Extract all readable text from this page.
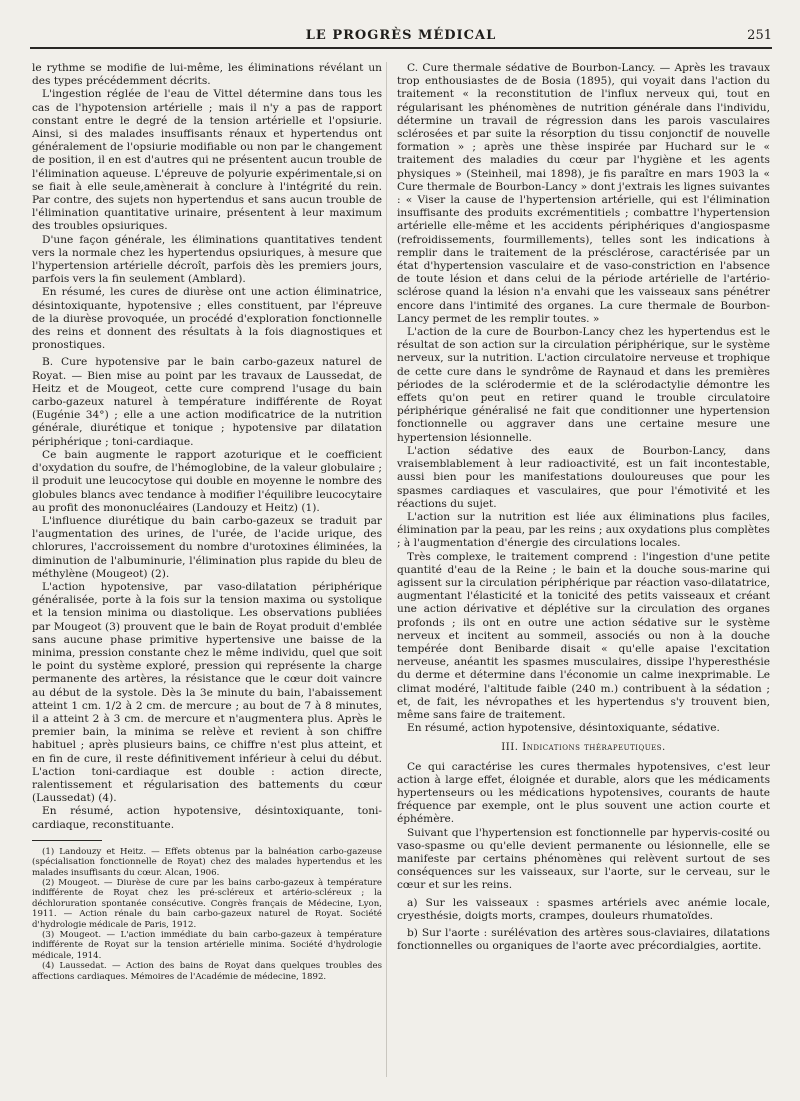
LE PROGRÈS MÉDICAL	251

le rythme se modifie de lui-même, les éliminations révélant un des types précédemment décrits.

L'ingestion réglée de l'eau de Vittel détermine dans tous les cas de l'hypotension artérielle ; mais il n'y a pas de rapport constant entre le degré de la tension artérielle et l'opsiurie. Ainsi, si des malades insuffisants rénaux et hypertendus ont généralement de l'opsiurie modifiable ou non par le changement de position, il en est d'autres qui ne présentent aucun trouble de l'élimination aqueuse. L'épreuve de polyurie expérimentale,si on se fiait à elle seule,amènerait à conclure à l'intégrité du rein. Par contre, des sujets non hypertendus et sans aucun trouble de l'élimination quantitative urinaire, présentent à leur maximum des troubles opsiuriques.

D'une façon générale, les éliminations quantitatives tendent vers la normale chez les hypertendus opsiuriques, à mesure que l'hypertension artérielle décroît, parfois dès les premiers jours, parfois vers la fin seulement (Amblard).

En résumé, les cures de diurèse ont une action éliminatrice, désintoxiquante, hypotensive ; elles constituent, par l'épreuve de la diurèse provoquée, un procédé d'exploration fonctionnelle des reins et donnent des résultats à la fois diagnostiques et pronostiques.

B. Cure hypotensive par le bain carbo-gazeux naturel de Royat. — Bien mise au point par les travaux de Laussedat, de Heitz et de Mougeot, cette cure comprend l'usage du bain carbo-gazeux naturel à température indifférente de Royat (Eugénie 34°) ; elle a une action modificatrice de la nutrition générale, diurétique et tonique ; hypotensive par dilatation périphérique ; toni-cardiaque.

Ce bain augmente le rapport azoturique et le coefficient d'oxydation du soufre, de l'hémoglobine, de la valeur globulaire ; il produit une leucocytose qui double en moyenne le nombre des globules blancs avec tendance à modifier l'équilibre leucocytaire au profit des mononucléaires (Landouzy et Heitz) (1).

L'influence diurétique du bain carbo-gazeux se traduit par l'augmentation des urines, de l'urée, de l'acide urique, des chlorures, l'accroissement du nombre d'urotoxines éliminées, la diminution de l'albuminurie, l'élimination plus rapide du bleu de méthylène (Mougeot) (2).

L'action hypotensive, par vaso-dilatation périphérique généralisée, porte à la fois sur la tension maxima ou systolique et la tension minima ou diastolique. Les observations publiées par Mougeot (3) prouvent que le bain de Royat produit d'emblée sans aucune phase primitive hypertensive une baisse de la minima, pression constante chez le même individu, quel que soit le point du système exploré, pression qui représente la charge permanente des artères, la résistance que le cœur doit vaincre au début de la systole. Dès la 3e minute du bain, l'abaissement atteint 1 cm. 1/2 à 2 cm. de mercure ; au bout de 7 à 8 minutes, il a atteint 2 à 3 cm. de mercure et n'augmentera plus. Après le premier bain, la minima se relève et revient à son chiffre habituel ; après plusieurs bains, ce chiffre n'est plus atteint, et en fin de cure, il reste définitivement inférieur à celui du début. L'action toni-cardiaque est double : action directe, ralentissement et régularisation des battements du cœur (Laussedat) (4).

En résumé, action hypotensive, désintoxiquante, toni-cardiaque, reconstituante.

(1) Landouzy et Heitz. — Effets obtenus par la balnéation carbo-gazeuse (spécialisation fonctionnelle de Royat) chez des malades hypertendus et les malades insuffisants du cœur. Alcan, 1906.

(2) Mougeot. — Diurèse de cure par les bains carbo-gazeux à température indifférente de Royat chez les pré-scléreux et artério-scléreux ; la déchloruration spontanée consécutive. Congrès français de Médecine, Lyon, 1911. — Action rénale du bain carbo-gazeux naturel de Royat. Société d'hydrologie médicale de Paris, 1912.

(3) Mougeot. — L'action immédiate du bain carbo-gazeux à température indifférente de Royat sur la tension artérielle minima. Société d'hydrologie médicale, 1914.

(4) Laussedat. — Action des bains de Royat dans quelques troubles des affections cardiaques. Mémoires de l'Académie de médecine, 1892.

C. Cure thermale sédative de Bourbon-Lancy. — Après les travaux trop enthousiastes de de Bosia (1895), qui voyait dans l'action du traitement « la reconstitution de l'influx nerveux qui, tout en régularisant les phénomènes de nutrition générale dans l'individu, détermine un travail de régression dans les parois vasculaires sclérosées et par suite la résorption du tissu conjonctif de nouvelle formation » ; après une thèse inspirée par Huchard sur le « traitement des maladies du cœur par l'hygiène et les agents physiques » (Steinheil, mai 1898), je fis paraître en mars 1903 la « Cure thermale de Bourbon-Lancy » dont j'extrais les lignes suivantes : « Viser la cause de l'hypertension artérielle, qui est l'élimination insuffisante des produits excrémentitiels ; combattre l'hypertension artérielle elle-même et les accidents périphériques d'angiospasme (refroidissements, fourmillements), telles sont les indications à remplir dans le traitement de la présclérose, caractérisée par un état d'hypertension vasculaire et de vaso-constriction en l'absence de toute lésion et dans celui de la période artérielle de l'artério-sclérose quand la lésion n'a envahi que les vaisseaux sans pénétrer encore dans l'intimité des organes. La cure thermale de Bourbon-Lancy permet de les remplir toutes. »

L'action de la cure de Bourbon-Lancy chez les hypertendus est le résultat de son action sur la circulation périphérique, sur le système nerveux, sur la nutrition. L'action circulatoire nerveuse et trophique de cette cure dans le syndrôme de Raynaud et dans les premières périodes de la sclérodermie et de la sclérodactylie démontre les effets qu'on peut en retirer quand le trouble circulatoire périphérique généralisé ne fait que conditionner une hypertension fonctionnelle ou aggraver dans une certaine mesure une hypertension lésionnelle.

L'action sédative des eaux de Bourbon-Lancy, dans vraisemblablement à leur radioactivité, est un fait incontestable, aussi bien pour les manifestations douloureuses que pour les spasmes cardiaques et vasculaires, que pour l'émotivité et les réactions du sujet.

L'action sur la nutrition est liée aux éliminations plus faciles, élimination par la peau, par les reins ; aux oxydations plus complètes ; à l'augmentation d'énergie des circulations locales.

Très complexe, le traitement comprend : l'ingestion d'une petite quantité d'eau de la Reine ; le bain et la douche sous-marine qui agissent sur la circulation périphérique par réaction vaso-dilatatrice, augmentant l'élasticité et la tonicité des petits vaisseaux et créant une action dérivative et déplétive sur la circulation des organes profonds ; ils ont en outre une action sédative sur le système nerveux et incitent au sommeil, associés ou non à la douche tempérée dont Benibarde disait « qu'elle apaise l'excitation nerveuse, anéantit les spasmes musculaires, dissipe l'hyperesthésie du derme et détermine dans l'économie un calme inexprimable. Le climat modéré, l'altitude faible (240 m.) contribuent à la sédation ; et, de fait, les névropathes et les hypertendus s'y trouvent bien, même sans faire de traitement.

En résumé, action hypotensive, désintoxiquante, sédative.

III. Indications thérapeutiques.

Ce qui caractérise les cures thermales hypotensives, c'est leur action à large effet, éloignée et durable, alors que les médicaments hypertenseurs ou les médications hypotensives, courants de haute fréquence par exemple, ont le plus souvent une action courte et éphémère.

Suivant que l'hypertension est fonctionnelle par hypervis-cosité ou vaso-spasme ou qu'elle devient permanente ou lésionnelle, elle se manifeste par certains phénomènes qui relèvent surtout de ses conséquences sur les vaisseaux, sur l'aorte, sur le cerveau, sur le cœur et sur les reins.

a) Sur les vaisseaux : spasmes artériels avec anémie locale, cryesthésie, doigts morts, crampes, douleurs rhumatoïdes.

b) Sur l'aorte : surélévation des artères sous-claviaires, dilatations fonctionnelles ou organiques de l'aorte avec précordialgies, aortite.
